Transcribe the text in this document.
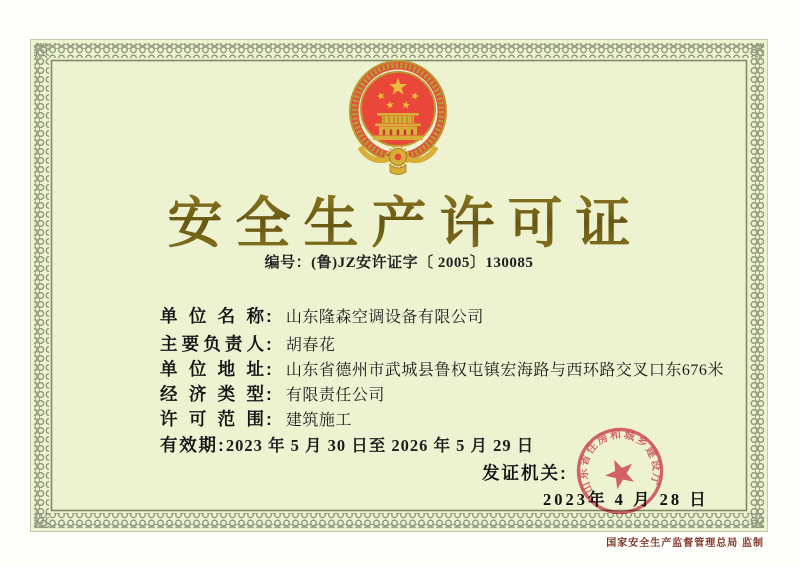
安全生产许可证
编号：(鲁)JZ安许证字〔 2005〕130085
单位名称 : 山东隆森空调设备有限公司
主要负责人 : 胡春花
单位地址 : 山东省德州市武城县鲁权屯镇宏海路与西环路交叉口东676米
经济类型 : 有限责任公司
许可范围 : 建筑施工
有效期 : 2023 年 5 月 30 日至 2026 年 5 月 29 日
发证机关:
2023年 4 月 28 日
山东省住房和城乡建设厅
国家安全生产监督管理总局 监制
